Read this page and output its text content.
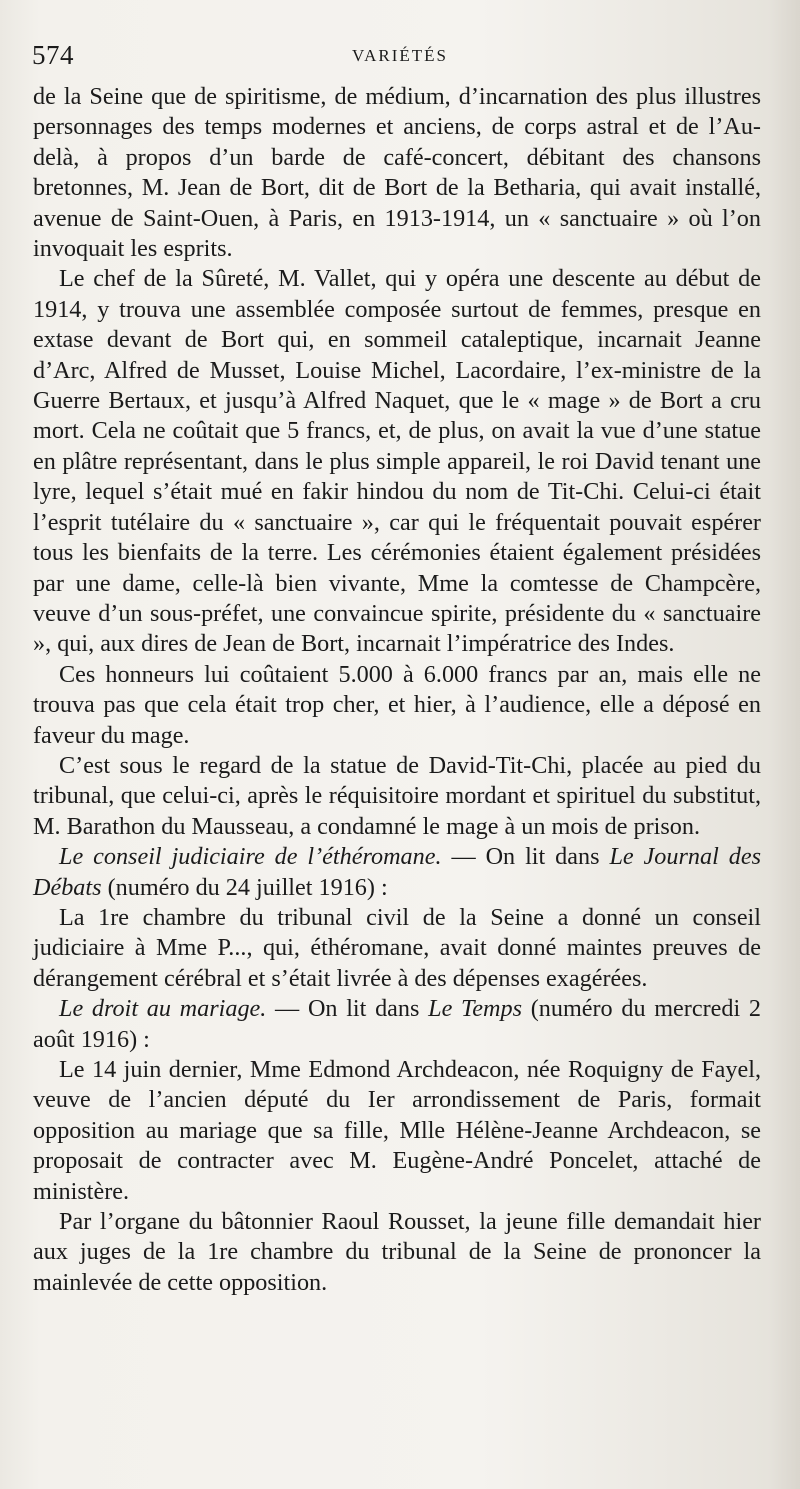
574	VARIÉTÉS

de la Seine que de spiritisme, de médium, d’incarnation des plus illustres personnages des temps modernes et anciens, de corps astral et de l’Au-delà, à propos d’un barde de café-concert, débitant des chansons bretonnes, M. Jean de Bort, dit de Bort de la Betharia, qui avait installé, avenue de Saint-Ouen, à Paris, en 1913-1914, un « sanctuaire » où l’on invoquait les esprits.

Le chef de la Sûreté, M. Vallet, qui y opéra une descente au début de 1914, y trouva une assemblée composée surtout de femmes, presque en extase devant de Bort qui, en sommeil cataleptique, incarnait Jeanne d’Arc, Alfred de Musset, Louise Michel, Lacordaire, l’ex-ministre de la Guerre Bertaux, et jusqu’à Alfred Naquet, que le « mage » de Bort a cru mort. Cela ne coûtait que 5 francs, et, de plus, on avait la vue d’une statue en plâtre représentant, dans le plus simple appareil, le roi David tenant une lyre, lequel s’était mué en fakir hindou du nom de Tit-Chi. Celui-ci était l’esprit tutélaire du « sanctuaire », car qui le fréquentait pouvait espérer tous les bienfaits de la terre. Les cérémonies étaient également présidées par une dame, celle-là bien vivante, Mme la comtesse de Champcère, veuve d’un sous-préfet, une convaincue spirite, présidente du « sanctuaire », qui, aux dires de Jean de Bort, incarnait l’impératrice des Indes.

Ces honneurs lui coûtaient 5.000 à 6.000 francs par an, mais elle ne trouva pas que cela était trop cher, et hier, à l’audience, elle a déposé en faveur du mage.

C’est sous le regard de la statue de David-Tit-Chi, placée au pied du tribunal, que celui-ci, après le réquisitoire mordant et spirituel du substitut, M. Barathon du Mausseau, a condamné le mage à un mois de prison.

Le conseil judiciaire de l’éthéromane. — On lit dans Le Journal des Débats (numéro du 24 juillet 1916) :

La 1re chambre du tribunal civil de la Seine a donné un conseil judiciaire à Mme P..., qui, éthéromane, avait donné maintes preuves de dérangement cérébral et s’était livrée à des dépenses exagérées.

Le droit au mariage. — On lit dans Le Temps (numéro du mercredi 2 août 1916) :

Le 14 juin dernier, Mme Edmond Archdeacon, née Roquigny de Fayel, veuve de l’ancien député du Ier arrondissement de Paris, formait opposition au mariage que sa fille, Mlle Hélène-Jeanne Archdeacon, se proposait de contracter avec M. Eugène-André Poncelet, attaché de ministère.

Par l’organe du bâtonnier Raoul Rousset, la jeune fille demandait hier aux juges de la 1re chambre du tribunal de la Seine de prononcer la mainlevée de cette opposition.
